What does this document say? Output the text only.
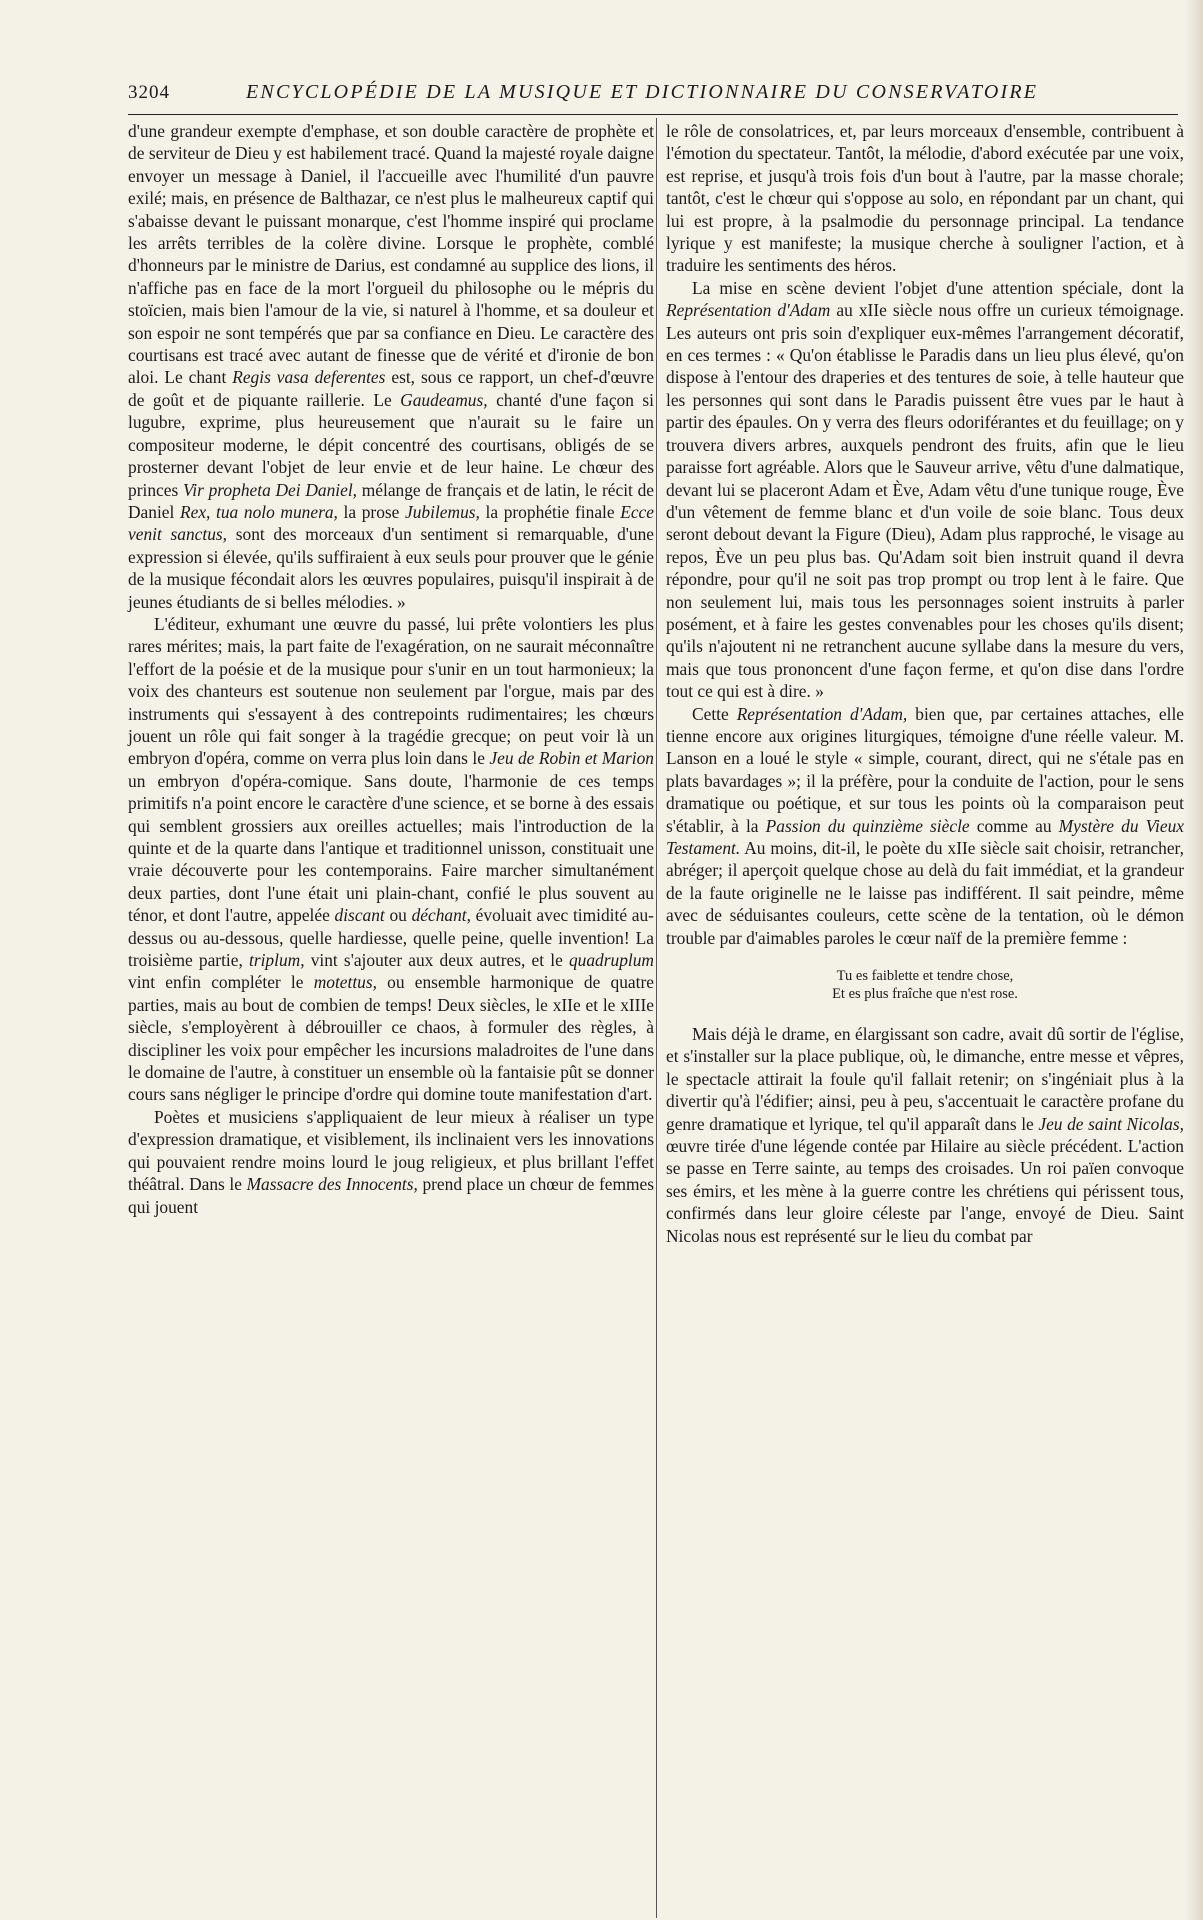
3204	ENCYCLOPÉDIE DE LA MUSIQUE ET DICTIONNAIRE DU CONSERVATOIRE

d'une grandeur exempte d'emphase, et son double caractère de prophète et de serviteur de Dieu y est habilement tracé. Quand la majesté royale daigne envoyer un message à Daniel, il l'accueille avec l'humilité d'un pauvre exilé; mais, en présence de Balthazar, ce n'est plus le malheureux captif qui s'abaisse devant le puissant monarque, c'est l'homme inspiré qui proclame les arrêts terribles de la colère divine. Lorsque le prophète, comblé d'honneurs par le ministre de Darius, est condamné au supplice des lions, il n'affiche pas en face de la mort l'orgueil du philosophe ou le mépris du stoïcien, mais bien l'amour de la vie, si naturel à l'homme, et sa douleur et son espoir ne sont tempérés que par sa confiance en Dieu. Le caractère des courtisans est tracé avec autant de finesse que de vérité et d'ironie de bon aloi. Le chant Regis vasa deferentes est, sous ce rapport, un chef-d'œuvre de goût et de piquante raillerie. Le Gaudeamus, chanté d'une façon si lugubre, exprime, plus heureusement que n'aurait su le faire un compositeur moderne, le dépit concentré des courtisans, obligés de se prosterner devant l'objet de leur envie et de leur haine. Le chœur des princes Vir propheta Dei Daniel, mélange de français et de latin, le récit de Daniel Rex, tua nolo munera, la prose Jubilemus, la prophétie finale Ecce venit sanctus, sont des morceaux d'un sentiment si remarquable, d'une expression si élevée, qu'ils suffiraient à eux seuls pour prouver que le génie de la musique fécondait alors les œuvres populaires, puisqu'il inspirait à de jeunes étudiants de si belles mélodies. »

L'éditeur, exhumant une œuvre du passé, lui prête volontiers les plus rares mérites; mais, la part faite de l'exagération, on ne saurait méconnaître l'effort de la poésie et de la musique pour s'unir en un tout harmonieux; la voix des chanteurs est soutenue non seulement par l'orgue, mais par des instruments qui s'essayent à des contrepoints rudimentaires; les chœurs jouent un rôle qui fait songer à la tragédie grecque; on peut voir là un embryon d'opéra, comme on verra plus loin dans le Jeu de Robin et Marion un embryon d'opéra-comique. Sans doute, l'harmonie de ces temps primitifs n'a point encore le caractère d'une science, et se borne à des essais qui semblent grossiers aux oreilles actuelles; mais l'introduction de la quinte et de la quarte dans l'antique et traditionnel unisson, constituait une vraie découverte pour les contemporains. Faire marcher simultanément deux parties, dont l'une était uni plain-chant, confié le plus souvent au ténor, et dont l'autre, appelée discant ou déchant, évoluait avec timidité au-dessus ou au-dessous, quelle hardiesse, quelle peine, quelle invention! La troisième partie, triplum, vint s'ajouter aux deux autres, et le quadruplum vint enfin compléter le motettus, ou ensemble harmonique de quatre parties, mais au bout de combien de temps! Deux siècles, le xIIe et le xIIIe siècle, s'employèrent à débrouiller ce chaos, à formuler des règles, à discipliner les voix pour empêcher les incursions maladroites de l'une dans le domaine de l'autre, à constituer un ensemble où la fantaisie pût se donner cours sans négliger le principe d'ordre qui domine toute manifestation d'art.

Poètes et musiciens s'appliquaient de leur mieux à réaliser un type d'expression dramatique, et visiblement, ils inclinaient vers les innovations qui pouvaient rendre moins lourd le joug religieux, et plus brillant l'effet théâtral. Dans le Massacre des Innocents, prend place un chœur de femmes qui jouent

le rôle de consolatrices, et, par leurs morceaux d'ensemble, contribuent à l'émotion du spectateur. Tantôt, la mélodie, d'abord exécutée par une voix, est reprise, et jusqu'à trois fois d'un bout à l'autre, par la masse chorale; tantôt, c'est le chœur qui s'oppose au solo, en répondant par un chant, qui lui est propre, à la psalmodie du personnage principal. La tendance lyrique y est manifeste; la musique cherche à souligner l'action, et à traduire les sentiments des héros.

La mise en scène devient l'objet d'une attention spéciale, dont la Représentation d'Adam au xIIe siècle nous offre un curieux témoignage. Les auteurs ont pris soin d'expliquer eux-mêmes l'arrangement décoratif, en ces termes : « Qu'on établisse le Paradis dans un lieu plus élevé, qu'on dispose à l'entour des draperies et des tentures de soie, à telle hauteur que les personnes qui sont dans le Paradis puissent être vues par le haut à partir des épaules. On y verra des fleurs odoriférantes et du feuillage; on y trouvera divers arbres, auxquels pendront des fruits, afin que le lieu paraisse fort agréable. Alors que le Sauveur arrive, vêtu d'une dalmatique, devant lui se placeront Adam et Ève, Adam vêtu d'une tunique rouge, Ève d'un vêtement de femme blanc et d'un voile de soie blanc. Tous deux seront debout devant la Figure (Dieu), Adam plus rapproché, le visage au repos, Ève un peu plus bas. Qu'Adam soit bien instruit quand il devra répondre, pour qu'il ne soit pas trop prompt ou trop lent à le faire. Que non seulement lui, mais tous les personnages soient instruits à parler posément, et à faire les gestes convenables pour les choses qu'ils disent; qu'ils n'ajoutent ni ne retranchent aucune syllabe dans la mesure du vers, mais que tous prononcent d'une façon ferme, et qu'on dise dans l'ordre tout ce qui est à dire. »

Cette Représentation d'Adam, bien que, par certaines attaches, elle tienne encore aux origines liturgiques, témoigne d'une réelle valeur. M. Lanson en a loué le style « simple, courant, direct, qui ne s'étale pas en plats bavardages »; il la préfère, pour la conduite de l'action, pour le sens dramatique ou poétique, et sur tous les points où la comparaison peut s'établir, à la Passion du quinzième siècle comme au Mystère du Vieux Testament. Au moins, dit-il, le poète du xIIe siècle sait choisir, retrancher, abréger; il aperçoit quelque chose au delà du fait immédiat, et la grandeur de la faute originelle ne le laisse pas indifférent. Il sait peindre, même avec de séduisantes couleurs, cette scène de la tentation, où le démon trouble par d'aimables paroles le cœur naïf de la première femme :

Tu es faiblette et tendre chose,
Et es plus fraîche que n'est rose.

Mais déjà le drame, en élargissant son cadre, avait dû sortir de l'église, et s'installer sur la place publique, où, le dimanche, entre messe et vêpres, le spectacle attirait la foule qu'il fallait retenir; on s'ingéniait plus à la divertir qu'à l'édifier; ainsi, peu à peu, s'accentuait le caractère profane du genre dramatique et lyrique, tel qu'il apparaît dans le Jeu de saint Nicolas, œuvre tirée d'une légende contée par Hilaire au siècle précédent. L'action se passe en Terre sainte, au temps des croisades. Un roi païen convoque ses émirs, et les mène à la guerre contre les chrétiens qui périssent tous, confirmés dans leur gloire céleste par l'ange, envoyé de Dieu. Saint Nicolas nous est représenté sur le lieu du combat par
